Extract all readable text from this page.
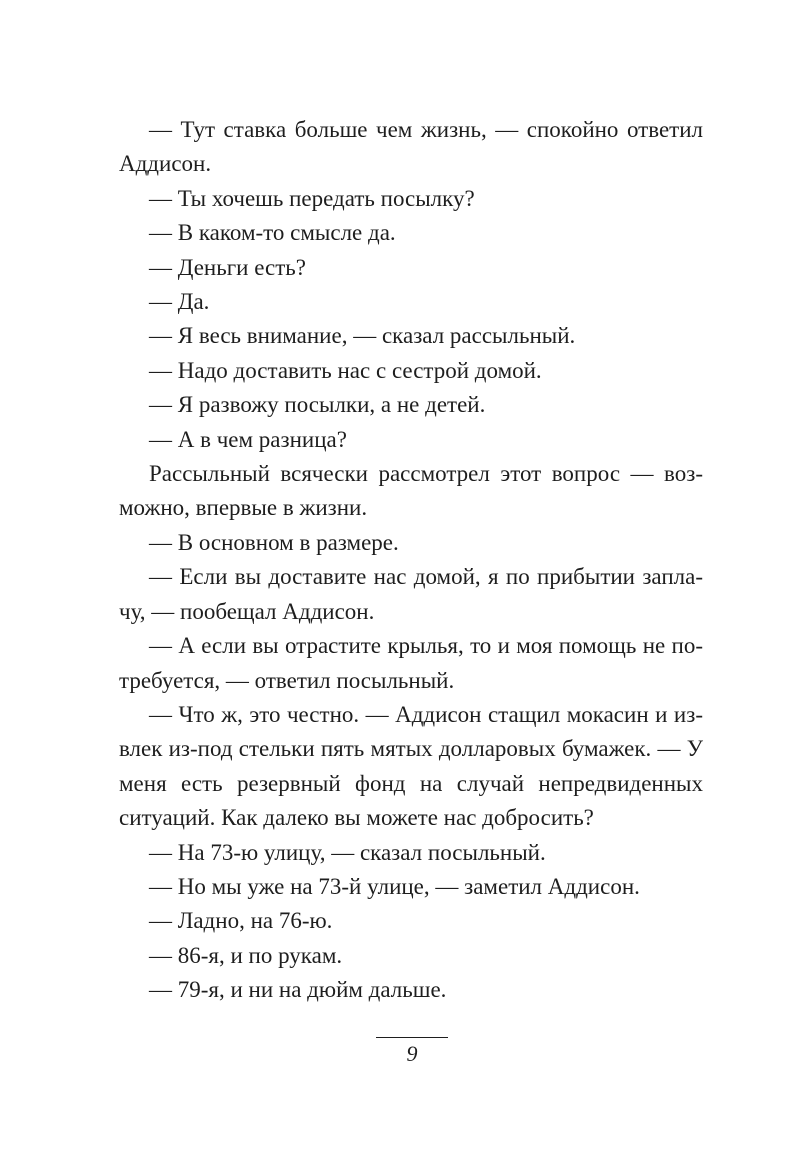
— Тут ставка больше чем жизнь, — спокойно ответил Аддисон.

— Ты хочешь передать посылку?

— В каком-то смысле да.

— Деньги есть?

— Да.

— Я весь внимание, — сказал рассыльный.

— Надо доставить нас с сестрой домой.

— Я развожу посылки, а не детей.

— А в чем разница?

Рассыльный всячески рассмотрел этот вопрос — возможно, впервые в жизни.

— В основном в размере.

— Если вы доставите нас домой, я по прибытии заплачу, — пообещал Аддисон.

— А если вы отрастите крылья, то и моя помощь не потребуется, — ответил посыльный.

— Что ж, это честно. — Аддисон стащил мокасин и извлек из-под стельки пять мятых долларовых бумажек. — У меня есть резервный фонд на случай непредвиденных ситуаций. Как далеко вы можете нас добросить?

— На 73-ю улицу, — сказал посыльный.

— Но мы уже на 73-й улице, — заметил Аддисон.

— Ладно, на 76-ю.

— 86-я, и по рукам.

— 79-я, и ни на дюйм дальше.

9
